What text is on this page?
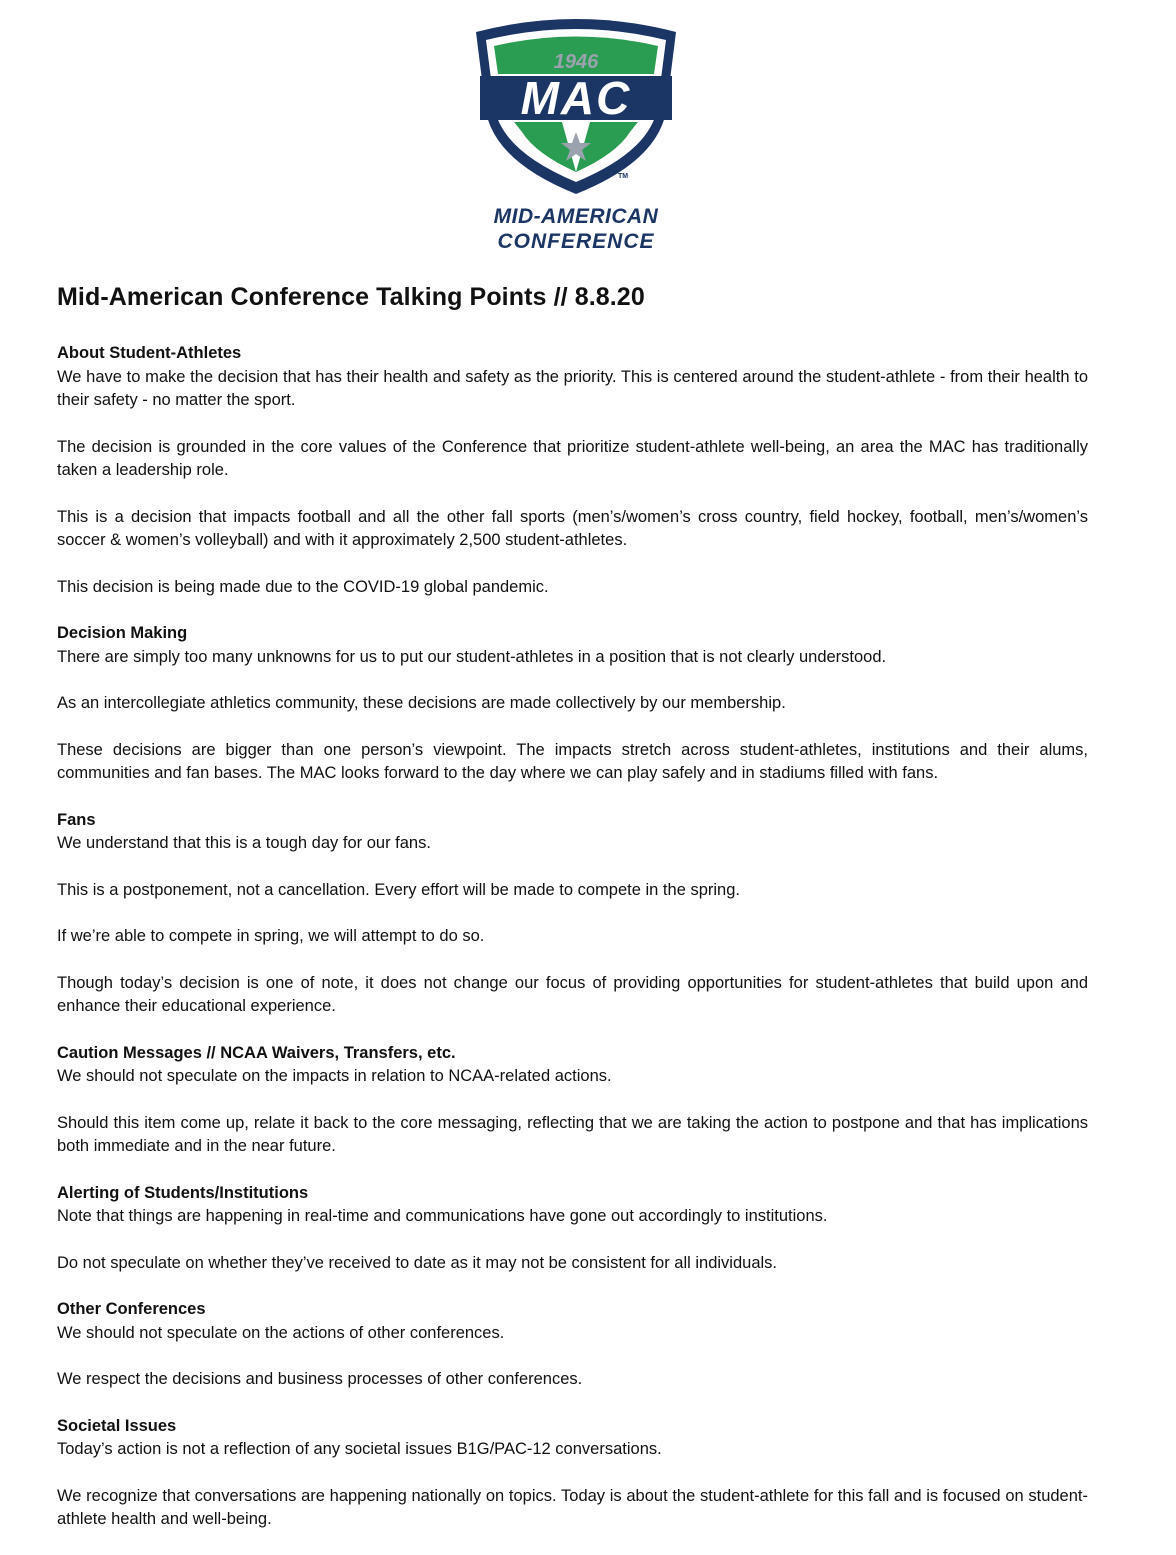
1946
MAC
TM
MID-AMERICAN
CONFERENCE
Mid-American Conference Talking Points // 8.8.20

About Student-Athletes

We have to make the decision that has their health and safety as the priority. This is centered around the student-athlete - from their health to their safety - no matter the sport.

The decision is grounded in the core values of the Conference that prioritize student-athlete well-being, an area the MAC has traditionally taken a leadership role.

This is a decision that impacts football and all the other fall sports (men’s/women’s cross country, field hockey, football, men’s/women’s soccer & women’s volleyball) and with it approximately 2,500 student-athletes.

This decision is being made due to the COVID-19 global pandemic.

Decision Making

There are simply too many unknowns for us to put our student-athletes in a position that is not clearly understood.

As an intercollegiate athletics community, these decisions are made collectively by our membership.

These decisions are bigger than one person’s viewpoint. The impacts stretch across student-athletes, institutions and their alums, communities and fan bases. The MAC looks forward to the day where we can play safely and in stadiums filled with fans.

Fans

We understand that this is a tough day for our fans.

This is a postponement, not a cancellation. Every effort will be made to compete in the spring.

If we’re able to compete in spring, we will attempt to do so.

Though today’s decision is one of note, it does not change our focus of providing opportunities for student-athletes that build upon and enhance their educational experience.

Caution Messages // NCAA Waivers, Transfers, etc.

We should not speculate on the impacts in relation to NCAA-related actions.

Should this item come up, relate it back to the core messaging, reflecting that we are taking the action to postpone and that has implications both immediate and in the near future.

Alerting of Students/Institutions

Note that things are happening in real-time and communications have gone out accordingly to institutions.

Do not speculate on whether they’ve received to date as it may not be consistent for all individuals.

Other Conferences

We should not speculate on the actions of other conferences.

We respect the decisions and business processes of other conferences.

Societal Issues

Today’s action is not a reflection of any societal issues B1G/PAC-12 conversations.

We recognize that conversations are happening nationally on topics. Today is about the student-athlete for this fall and is focused on student-athlete health and well-being.
